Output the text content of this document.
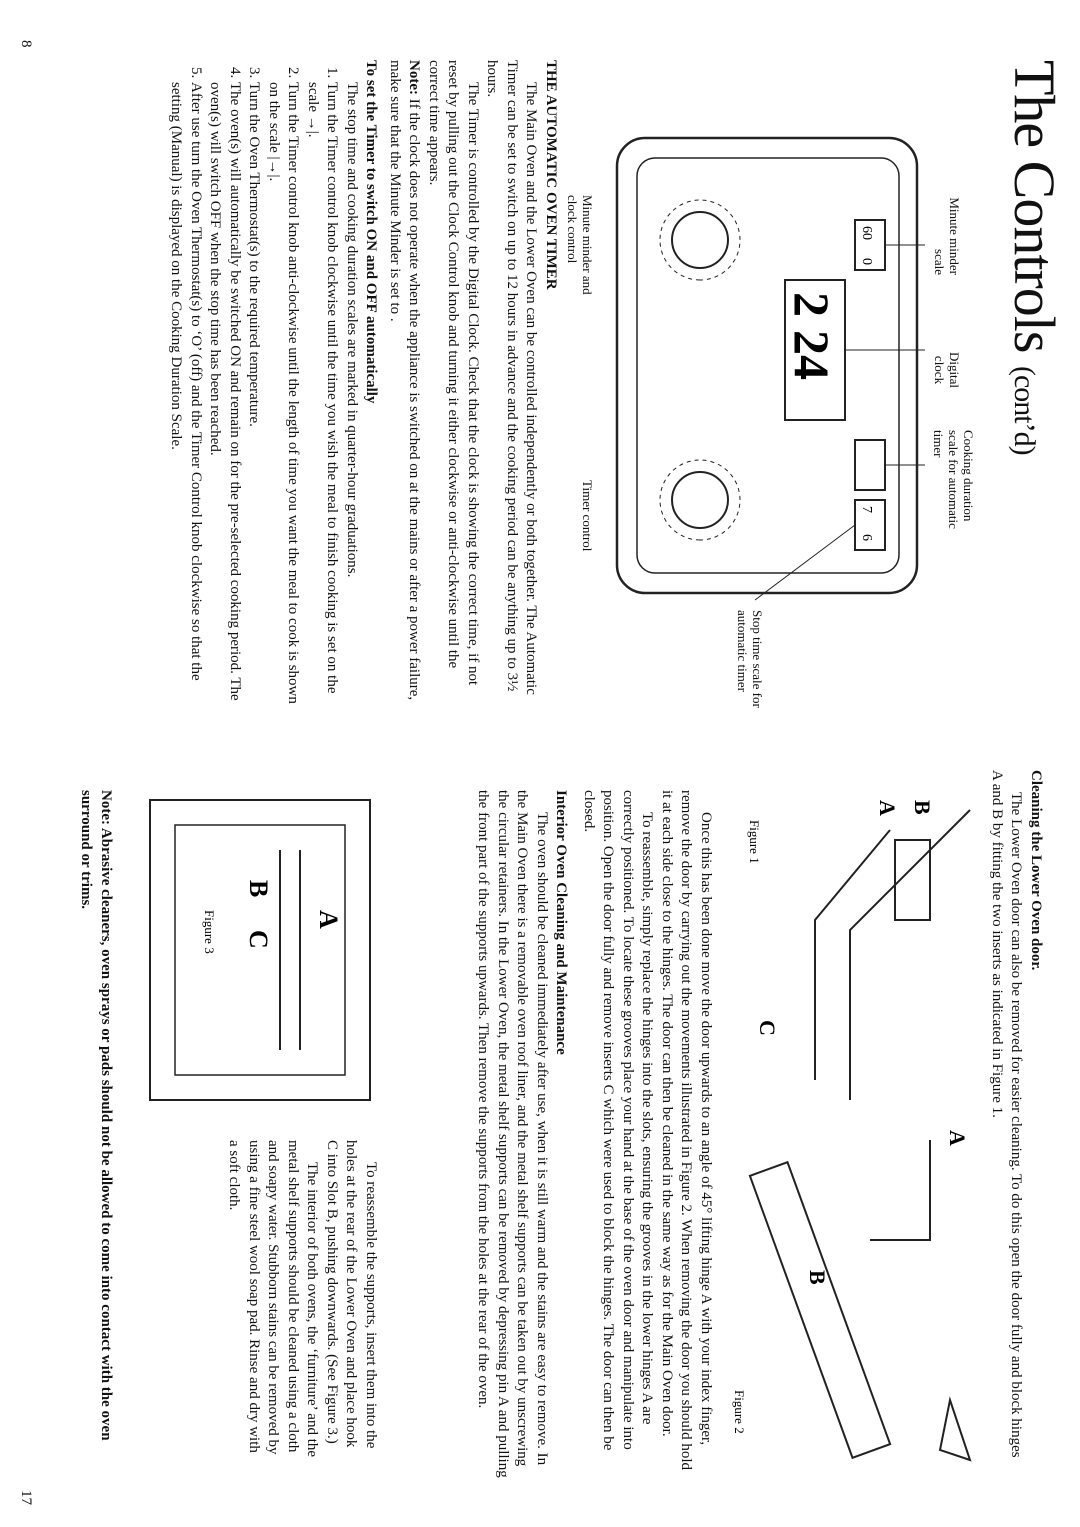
The Controls (cont’d)
2
24
60
0
7
6
Minute minder scale
Digital clock
Cooking duration scale for automatic timer
Stop time scale for automatic timer
Minute minder and clock control
Timer control

THE AUTOMATIC OVEN TIMER

The Main Oven and the Lower Oven can be controlled independently or both together. The Automatic Timer can be set to switch on up to 12 hours in advance and the cooking period can be anything up to 3½ hours.

The Timer is controlled by the Digital Clock. Check that the clock is showing the correct time, if not reset by pulling out the Clock Control knob and turning it either clockwise or anti-clockwise until the correct time appears.

Note: If the clock does not operate when the appliance is switched on at the mains or after a power failure, make sure that the Minute Minder is set to .

To set the Timer to switch ON and OFF automatically

The stop time and cooking duration scales are marked in quarter-hour graduations.

1. Turn the Timer control knob clockwise until the time you wish the meal to finish cooking is set on the scale →|.
2. Turn the Timer control knob anti-clockwise until the length of time you want the meal to cook is shown on the scale |→|.
3. Turn the Oven Thermostat(s) to the required temperature.
4. The oven(s) will automatically be switched ON and remain on for the pre-selected cooking period. The oven(s) will switch OFF when the stop time has been reached.
5. After use turn the Oven Thermostat(s) to ‘O’ (off) and the Timer Control knob clockwise so that the setting (Manual) is displayed on the Cooking Duration Scale.
8
17

Cleaning the Lower Oven door.

The Lower Oven door can also be removed for easier cleaning. To do this open the door fully and block hinges A and B by fitting the two inserts as indicated in Figure 1.

B
A
C
Figure 1
A
B
Figure 2

Once this has been done move the door upwards to an angle of 45° lifting hinge A with your index finger, remove the door by carrying out the movements illustrated in Figure 2. When removing the door you should hold it at each side close to the hinges. The door can then be cleaned in the same way as for the Main Oven door.

To reassemble, simply replace the hinges into the slots, ensuring the grooves in the lower hinges A are correctly positioned. To locate these grooves place your hand at the base of the oven door and manipulate into position. Open the door fully and remove inserts C which were used to block the hinges. The door can then be closed.

Interior Oven Cleaning and Maintenance

The oven should be cleaned immediately after use, when it is still warm and the stains are easy to remove. In the Main Oven there is a removable oven roof liner, and the metal shelf supports can be taken out by unscrewing the circular retainers. In the Lower Oven, the metal shelf supports can be removed by depressing pin A and pulling the front part of the supports upwards. Then remove the supports from the holes at the rear of the oven.

A
B
C
Figure 3

To reassemble the supports, insert them into the holes at the rear of the Lower Oven and place hook C into Slot B, pushing downwards. (See Figure 3.)

The interior of both ovens, the ‘furniture’ and the metal shelf supports should be cleaned using a cloth and soapy water. Stubborn stains can be removed by using a fine steel wool soap pad. Rinse and dry with a soft cloth.

Note: Abrasive cleaners, oven sprays or pads should not be allowed to come into contact with the oven surround or trims.
